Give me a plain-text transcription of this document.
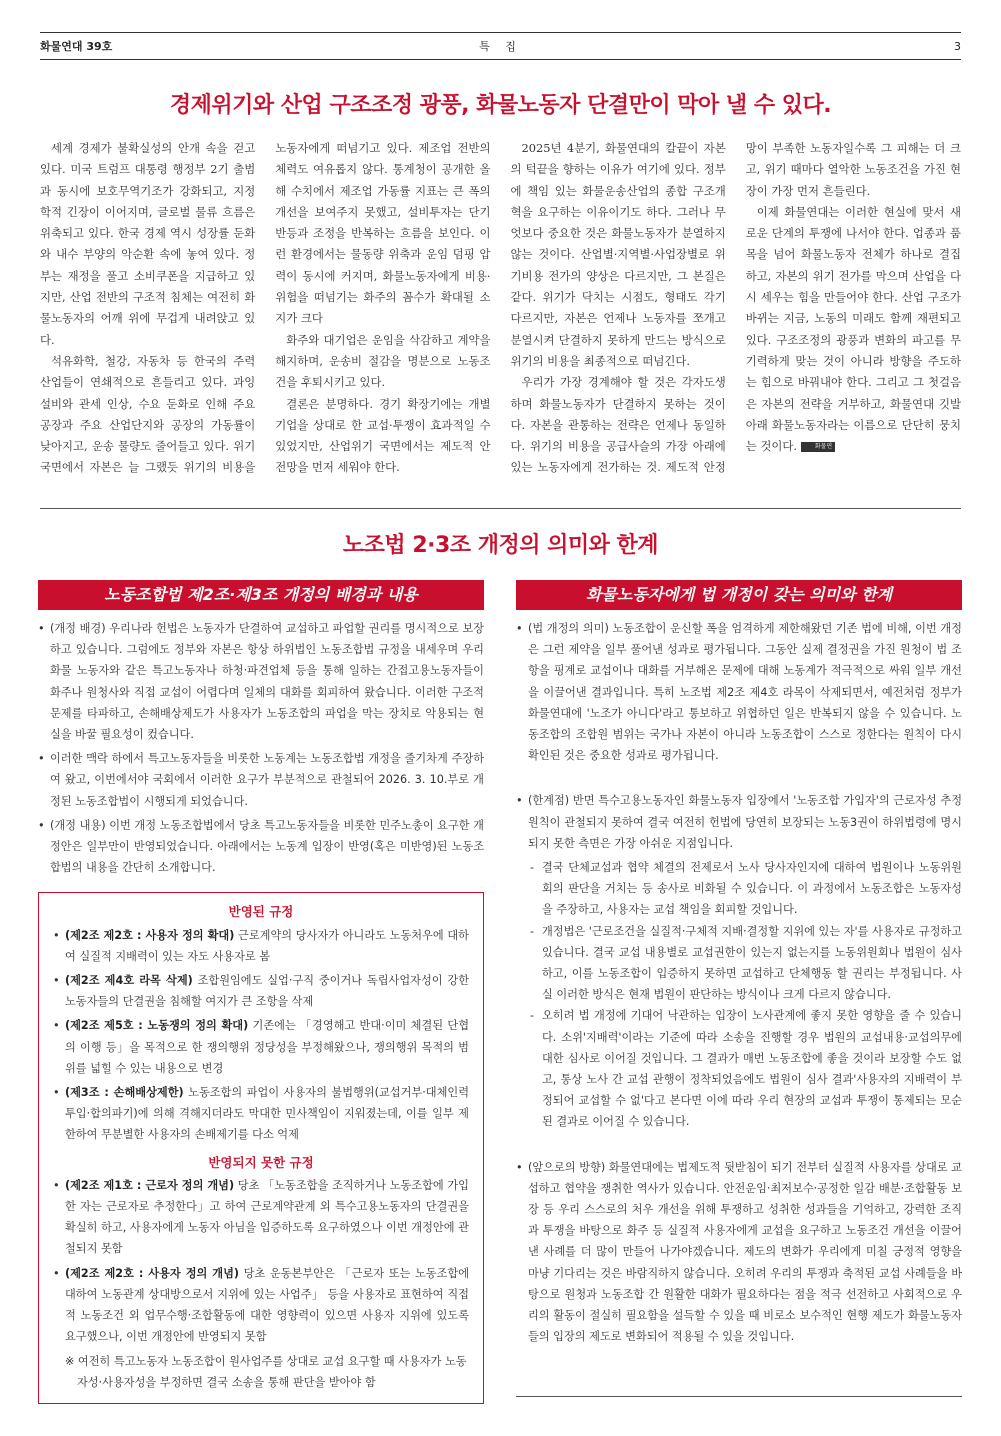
화물연대 39호	특 집	3
경제위기와 산업 구조조정 광풍, 화물노동자 단결만이 막아 낼 수 있다.

세계 경제가 불확실성의 안개 속을 걷고 있다. 미국 트럼프 대통령 행정부 2기 출범과 동시에 보호무역기조가 강화되고, 지정학적 긴장이 이어지며, 글로벌 물류 흐름은 위축되고 있다. 한국 경제 역시 성장률 둔화와 내수 부양의 악순환 속에 놓여 있다. 정부는 재정을 풀고 소비쿠폰을 지급하고 있지만, 산업 전반의 구조적 침체는 여전히 화물노동자의 어깨 위에 무겁게 내려앉고 있다.

석유화학, 철강, 자동차 등 한국의 주력 산업들이 연쇄적으로 흔들리고 있다. 과잉설비와 관세 인상, 수요 둔화로 인해 주요 공장과 주요 산업단지와 공장의 가동률이 낮아지고, 운송 물량도 줄어들고 있다. 위기 국면에서 자본은 늘 그랬듯 위기의 비용을 노동자에게 떠넘기고 있다. 제조업 전반의 체력도 여유롭지 않다. 통계청이 공개한 올해 수치에서 제조업 가동률 지표는 큰 폭의 개선을 보여주지 못했고, 설비투자는 단기 반등과 조정을 반복하는 흐름을 보인다. 이런 환경에서는 물동량 위축과 운임 덤핑 압력이 동시에 커지며, 화물노동자에게 비용·위험을 떠넘기는 화주의 꼼수가 확대될 소지가 크다

화주와 대기업은 운임을 삭감하고 계약을 해지하며, 운송비 절감을 명분으로 노동조건을 후퇴시키고 있다.

결론은 분명하다. 경기 확장기에는 개별 기업을 상대로 한 교섭·투쟁이 효과적일 수 있었지만, 산업위기 국면에서는 제도적 안전망을 먼저 세워야 한다.

2025년 4분기, 화물연대의 칼끝이 자본의 턱끝을 향하는 이유가 여기에 있다. 정부에 책임 있는 화물운송산업의 종합 구조개혁을 요구하는 이유이기도 하다. 그러나 무엇보다 중요한 것은 화물노동자가 분열하지 않는 것이다. 산업별·지역별·사업장별로 위기비용 전가의 양상은 다르지만, 그 본질은 같다. 위기가 닥치는 시점도, 형태도 각기 다르지만, 자본은 언제나 노동자를 쪼개고 분열시켜 단결하지 못하게 만드는 방식으로 위기의 비용을 최종적으로 떠넘긴다.

우리가 가장 경계해야 할 것은 각자도생하며 화물노동자가 단결하지 못하는 것이다. 자본을 관통하는 전략은 언제나 동일하다. 위기의 비용을 공급사슬의 가장 아래에 있는 노동자에게 전가하는 것. 제도적 안정망이 부족한 노동자일수록 그 피해는 더 크고, 위기 때마다 열악한 노동조건을 가진 현장이 가장 먼저 흔들린다.

이제 화물연대는 이러한 현실에 맞서 새로운 단계의 투쟁에 나서야 한다. 업종과 품목을 넘어 화물노동자 전체가 하나로 결집하고, 자본의 위기 전가를 막으며 산업을 다시 세우는 힘을 만들어야 한다. 산업 구조가 바뀌는 지금, 노동의 미래도 함께 재편되고 있다. 구조조정의 광풍과 변화의 파고를 무기력하게 맞는 것이 아니라 방향을 주도하는 힘으로 바꿔내야 한다. 그리고 그 첫걸음은 자본의 전략을 거부하고, 화물연대 깃발 아래 화물노동자라는 이름으로 단단히 뭉치는 것이다.	화물연대본부

노조법 2·3조 개정의 의미와 한계
노동조합법 제2조·제3조 개정의 배경과 내용
• (개정 배경) 우리나라 헌법은 노동자가 단결하여 교섭하고 파업할 권리를 명시적으로 보장하고 있습니다. 그럼에도 정부와 자본은 항상 하위법인 노동조합법 규정을 내세우며 우리 화물 노동자와 같은 특고노동자나 하청·파견업체 등을 통해 일하는 간접고용노동자들이 화주나 원청사와 직접 교섭이 어렵다며 일체의 대화를 회피하여 왔습니다. 이러한 구조적 문제를 타파하고, 손해배상제도가 사용자가 노동조합의 파업을 막는 장치로 악용되는 현실을 바꿀 필요성이 컸습니다.
• 이러한 맥락 하에서 특고노동자들을 비롯한 노동계는 노동조합법 개정을 줄기차게 주장하여 왔고, 이번에서야 국회에서 이러한 요구가 부분적으로 관철되어 2026. 3. 10.부로 개정된 노동조합법이 시행되게 되었습니다.
• (개정 내용) 이번 개정 노동조합법에서 당초 특고노동자들을 비롯한 민주노총이 요구한 개정안은 일부만이 반영되었습니다. 아래에서는 노동계 입장이 반영(혹은 미반영)된 노동조합법의 내용을 간단히 소개합니다.
반영된 규정
• (제2조 제2호 : 사용자 정의 확대) 근로계약의 당사자가 아니라도 노동처우에 대하여 실질적 지배력이 있는 자도 사용자로 봄
• (제2조 제4호 라목 삭제) 조합원임에도 실업·구직 중이거나 독립사업자성이 강한 노동자들의 단결권을 침해할 여지가 큰 조항을 삭제
• (제2조 제5호 : 노동쟁의 정의 확대) 기존에는 「경영해고 반대·이미 체결된 단협의 이행 등」을 목적으로 한 쟁의행위 정당성을 부정해왔으나, 쟁의행위 목적의 범위를 넓힐 수 있는 내용으로 변경
• (제3조 : 손해배상제한) 노동조합의 파업이 사용자의 불법행위(교섭거부·대체인력 투입·합의파기)에 의해 격해지더라도 막대한 민사책임이 지워졌는데, 이를 일부 제한하여 무분별한 사용자의 손배제기를 다소 억제
반영되지 못한 규정
• (제2조 제1호 : 근로자 정의 개념) 당초 「노동조합을 조직하거나 노동조합에 가입한 자는 근로자로 추정한다」고 하여 근로계약관계 외 특수고용노동자의 단결권을 확실히 하고, 사용자에게 노동자 아님을 입증하도록 요구하였으나 이번 개정안에 관철되지 못함
• (제2조 제2호 : 사용자 정의 개념) 당초 운동본부안은 「근로자 또는 노동조합에 대하여 노동관계 상대방으로서 지위에 있는 사업주」 등을 사용자로 표현하여 직접적 노동조건 외 업무수행·조합활동에 대한 영향력이 있으면 사용자 지위에 있도록 요구했으나, 이번 개정안에 반영되지 못함
※ 여전히 특고노동자 노동조합이 원사업주를 상대로 교섭 요구할 때 사용자가 노동자성·사용자성을 부정하면 결국 소송을 통해 판단을 받아야 함
화물노동자에게 법 개정이 갖는 의미와 한계
• (법 개정의 의미) 노동조합이 운신할 폭을 엄격하게 제한해왔던 기존 법에 비해, 이번 개정은 그런 제약을 일부 풀어낸 성과로 평가됩니다. 그동안 실제 결정권을 가진 원청이 법 조항을 핑계로 교섭이나 대화를 거부해온 문제에 대해 노동계가 적극적으로 싸워 일부 개선을 이끌어낸 결과입니다. 특히 노조법 제2조 제4호 라목이 삭제되면서, 예전처럼 정부가 화물연대에 '노조가 아니다'라고 통보하고 위협하던 일은 반복되지 않을 수 있습니다. 노동조합의 조합원 범위는 국가나 자본이 아니라 노동조합이 스스로 정한다는 원칙이 다시 확인된 것은 중요한 성과로 평가됩니다.
• (한계점) 반면 특수고용노동자인 화물노동자 입장에서 '노동조합 가입자'의 근로자성 추정 원칙이 관철되지 못하여 결국 여전히 헌법에 당연히 보장되는 노동3권이 하위법령에 명시되지 못한 측면은 가장 아쉬운 지점입니다.
- 결국 단체교섭과 협약 체결의 전제로서 노사 당사자인지에 대하여 법원이나 노동위원회의 판단을 거치는 등 송사로 비화될 수 있습니다. 이 과정에서 노동조합은 노동자성을 주장하고, 사용자는 교섭 책임을 회피할 것입니다.
- 개정법은 '근로조건을 실질적·구체적 지배·결정할 지위에 있는 자'를 사용자로 규정하고 있습니다. 결국 교섭 내용별로 교섭권한이 있는지 없는지를 노동위원회나 법원이 심사하고, 이를 노동조합이 입증하지 못하면 교섭하고 단체행동 할 권리는 부정됩니다. 사실 이러한 방식은 현재 법원이 판단하는 방식이나 크게 다르지 않습니다.
- 오히려 법 개정에 기대어 낙관하는 입장이 노사관계에 좋지 못한 영향을 줄 수 있습니다. 소위'지배력'이라는 기준에 따라 소송을 진행할 경우 법원의 교섭내용·교섭의무에 대한 심사로 이어질 것입니다. 그 결과가 매번 노동조합에 좋을 것이라 보장할 수도 없고, 통상 노사 간 교섭 관행이 정착되었음에도 법원이 심사 결과'사용자의 지배력이 부정되어 교섭할 수 없'다고 본다면 이에 따라 우리 현장의 교섭과 투쟁이 통제되는 모순된 결과로 이어질 수 있습니다.
• (앞으로의 방향) 화물연대에는 법제도적 뒷받침이 되기 전부터 실질적 사용자를 상대로 교섭하고 협약을 쟁취한 역사가 있습니다. 안전운임·최저보수·공정한 일감 배분·조합활동 보장 등 우리 스스로의 처우 개선을 위해 투쟁하고 성취한 성과들을 기억하고, 강력한 조직과 투쟁을 바탕으로 화주 등 실질적 사용자에게 교섭을 요구하고 노동조건 개선을 이끌어 낸 사례를 더 많이 만들어 나가야겠습니다. 제도의 변화가 우리에게 미칠 긍정적 영향을 마냥 기다리는 것은 바람직하지 않습니다. 오히려 우리의 투쟁과 축적된 교섭 사례들을 바탕으로 원청과 노동조합 간 원활한 대화가 필요하다는 점을 적극 선전하고 사회적으로 우리의 활동이 절실히 필요함을 설득할 수 있을 때 비로소 보수적인 현행 제도가 화물노동자들의 입장의 제도로 변화되어 적용될 수 있을 것입니다.
